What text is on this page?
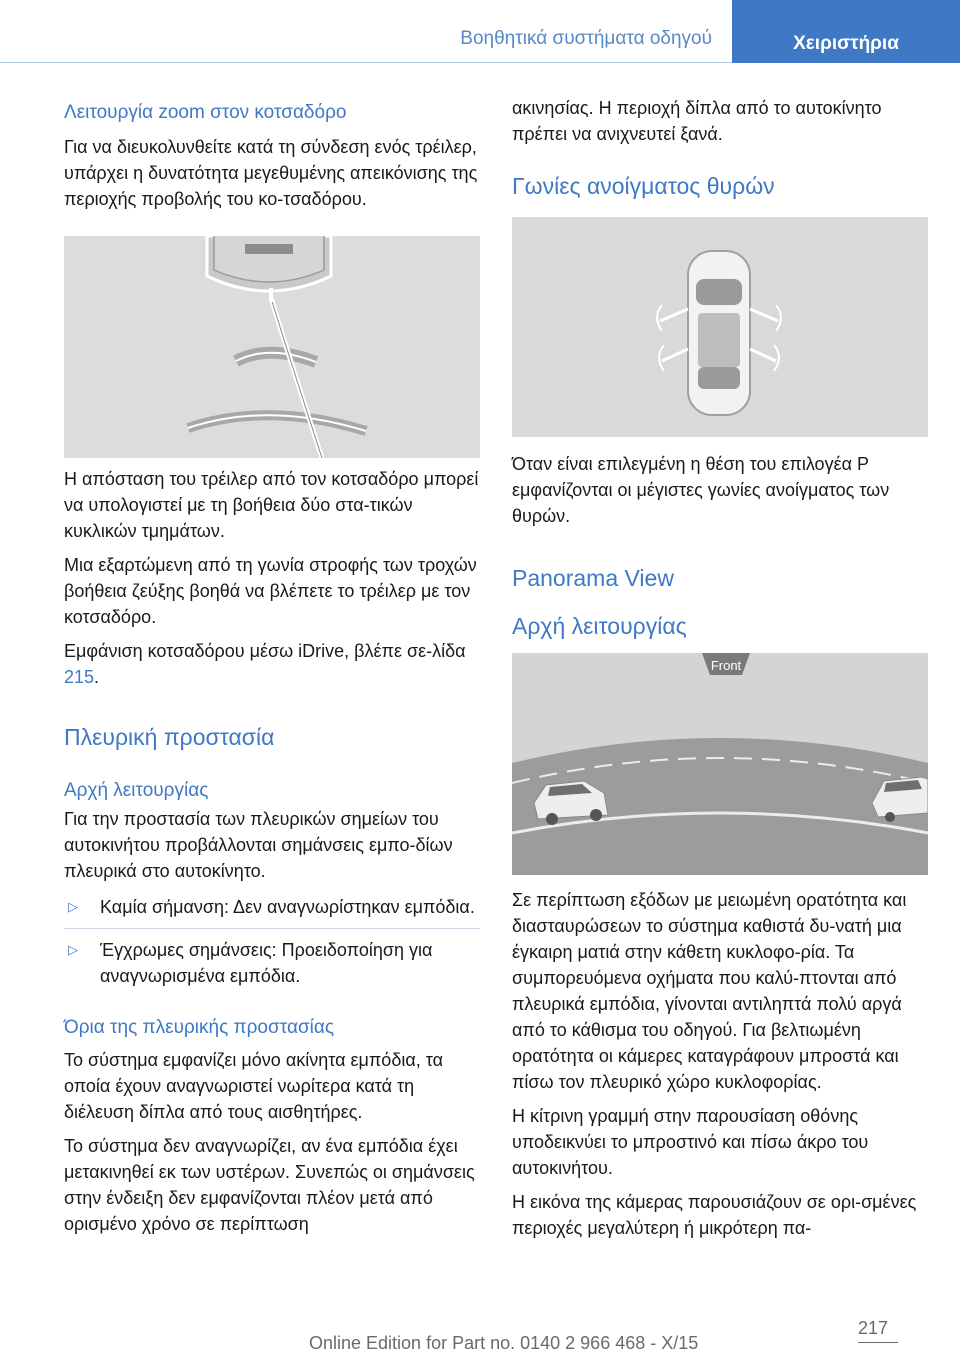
Βοηθητικά συστήματα οδηγού	Χειριστήρια
Λειτουργία zoom στον κοτσαδόρο
Για να διευκολυνθείτε κατά τη σύνδεση ενός τρέιλερ, υπάρχει η δυνατότητα μεγεθυμένης απεικόνισης της περιοχής προβολής του κο-τσαδόρου.
Η απόσταση του τρέιλερ από τον κοτσαδόρο μπορεί να υπολογιστεί με τη βοήθεια δύο στα-τικών κυκλικών τμημάτων.
Μια εξαρτώμενη από τη γωνία στροφής των τροχών βοήθεια ζεύξης βοηθά να βλέπετε το τρέιλερ με τον κοτσαδόρο.
Εμφάνιση κοτσαδόρου μέσω iDrive, βλέπε σε-λίδα 215.
Πλευρική προστασία
Αρχή λειτουργίας
Για την προστασία των πλευρικών σημείων του αυτοκινήτου προβάλλονται σημάνσεις εμπο-δίων πλευρικά στο αυτοκίνητο.
▷ Καμία σήμανση: Δεν αναγνωρίστηκαν εμπόδια.
▷ Έγχρωμες σημάνσεις: Προειδοποίηση για αναγνωρισμένα εμπόδια.
Όρια της πλευρικής προστασίας
Το σύστημα εμφανίζει μόνο ακίνητα εμπόδια, τα οποία έχουν αναγνωριστεί νωρίτερα κατά τη διέλευση δίπλα από τους αισθητήρες.
Το σύστημα δεν αναγνωρίζει, αν ένα εμπόδια έχει μετακινηθεί εκ των υστέρων. Συνεπώς οι σημάνσεις στην ένδειξη δεν εμφανίζονται πλέον μετά από ορισμένο χρόνο σε περίπτωση
ακινησίας. Η περιοχή δίπλα από το αυτοκίνητο πρέπει να ανιχνευτεί ξανά.
Γωνίες ανοίγματος θυρών
Όταν είναι επιλεγμένη η θέση του επιλογέα P εμφανίζονται οι μέγιστες γωνίες ανοίγματος των θυρών.
Panorama View
Αρχή λειτουργίας
Front
Σε περίπτωση εξόδων με μειωμένη ορατότητα και διασταυρώσεων το σύστημα καθιστά δυ-νατή μια έγκαιρη ματιά στην κάθετη κυκλοφο-ρία. Τα συμπορευόμενα οχήματα που καλύ-πτονται από πλευρικά εμπόδια, γίνονται αντιληπτά πολύ αργά από το κάθισμα του οδηγού. Για βελτιωμένη ορατότητα οι κάμερες καταγράφουν μπροστά και πίσω τον πλευρικό χώρο κυκλοφορίας.
Η κίτρινη γραμμή στην παρουσίαση οθόνης υποδεικνύει το μπροστινό και πίσω άκρο του αυτοκινήτου.
Η εικόνα της κάμερας παρουσιάζουν σε ορι-σμένες περιοχές μεγαλύτερη ή μικρότερη πα-
217
Online Edition for Part no. 0140 2 966 468 - X/15
